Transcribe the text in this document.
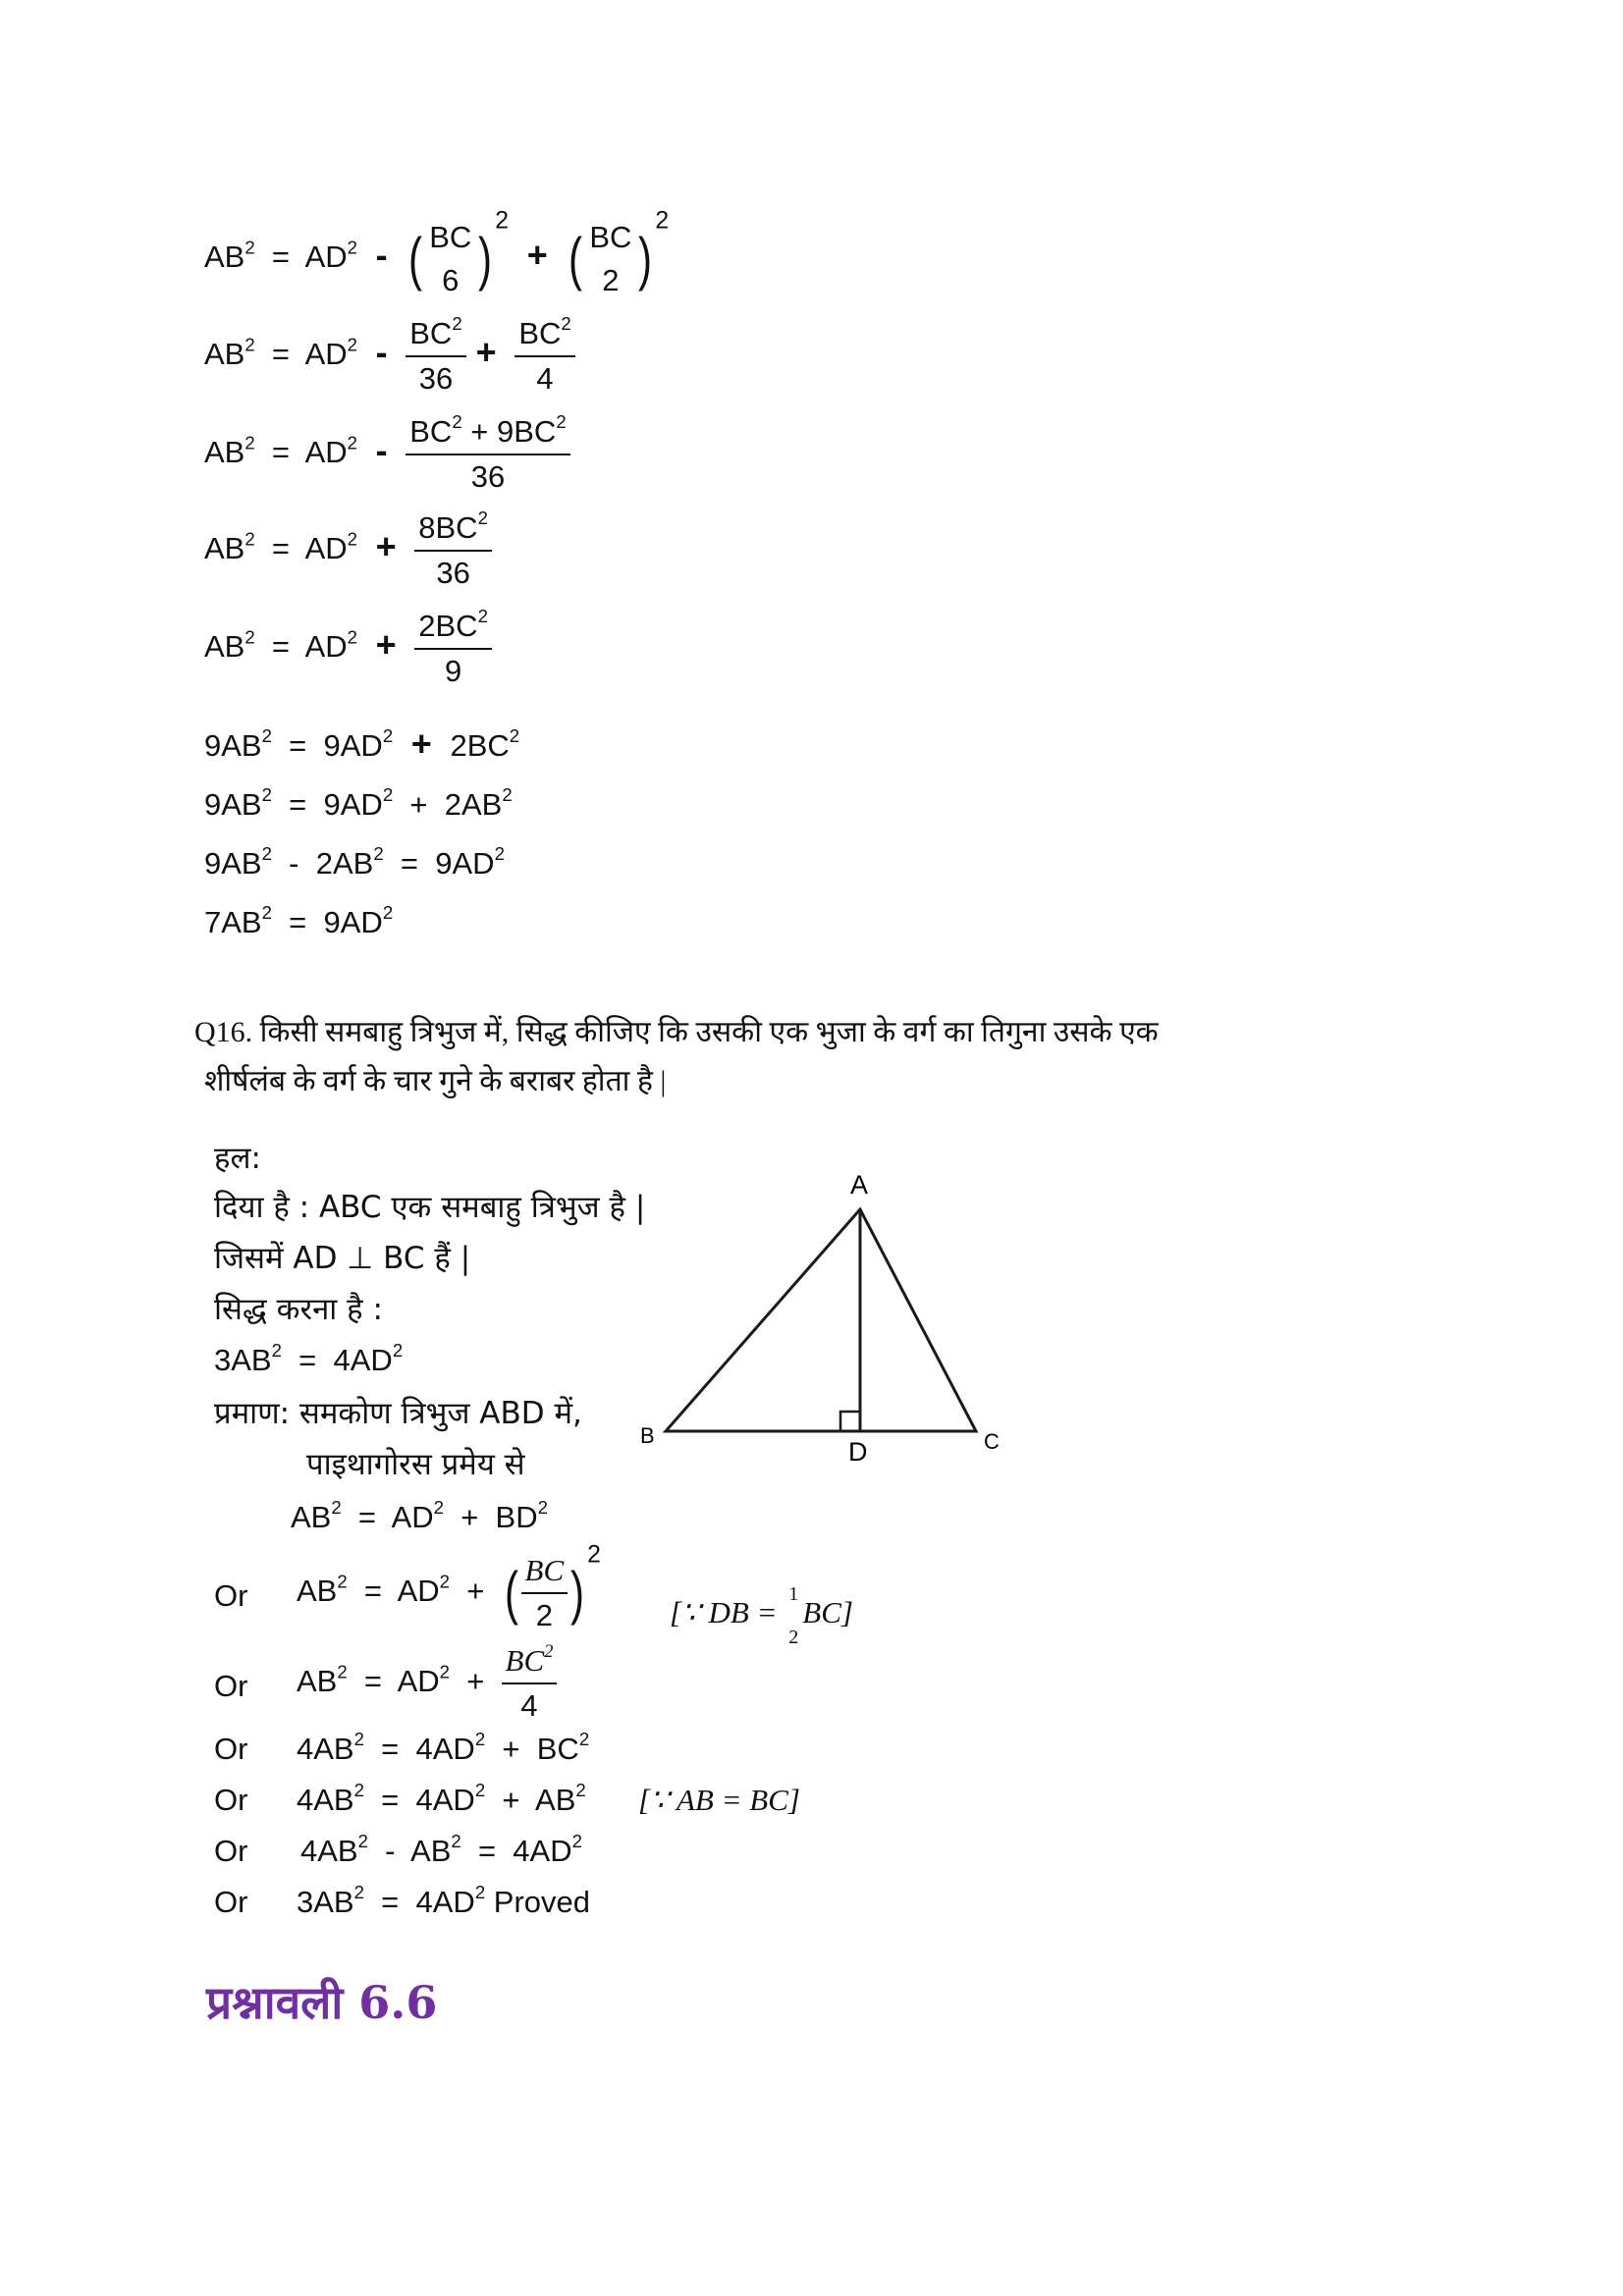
$AB^2 = AD^2$ - ( BC
6 )$^2$ + ( BC
2 )$^2$
$AB^2 = AD^2 - \frac{BC^2}{36} + \frac{BC^2}{4}$
$AB^2 = AD^2 - \frac{BC^2 + 9BC^2}{36}$
$AB^2 = AD^2 + \frac{8BC^2}{36}$
$AB^2 = AD^2 + \frac{2BC^2}{9}$
$9AB^2 = 9AD^2 + 2BC^2$
$9AB^2 = 9AD^2 + 2AB^2$
$9AB^2 - 2AB^2 = 9AD^2$
$7AB^2 = 9AD^2$
Q16. किसी समबाहु त्रिभुज में, सिद्ध कीजिए कि उसकी एक भुजा के वर्ग का तिगुना उसके एक
शीर्षलंब के वर्ग के चार गुने के बराबर होता है |
हल:
दिया है : ABC एक समबाहु त्रिभुज है |
जिसमें AD ⊥ BC हैं |
सिद्ध करना है :
$3AB^2 = 4AD^2$
प्रमाण: समकोण त्रिभुज ABD में,
पाइथागोरस प्रमेय से
$AB^2 = AD^2 + BD^2$
Or $AB^2 = AD^2$  +  ( $\frac{BC}{2} )^2$
[∵ DB =
1
2
BC]
Or $AB^2 = AD^2 + \frac{BC^2}{4}$
Or $4AB^2 = 4AD^2 + BC^2$
Or $4AB^2 = 4AD^2 + AB^2$ [∵ AB = BC]
Or $4AB^2 - AB^2 = 4AD^2$
Or $3AB^2 = 4AD^2$ Proved
A
B	C
D
प्रश्नावली 6.6
